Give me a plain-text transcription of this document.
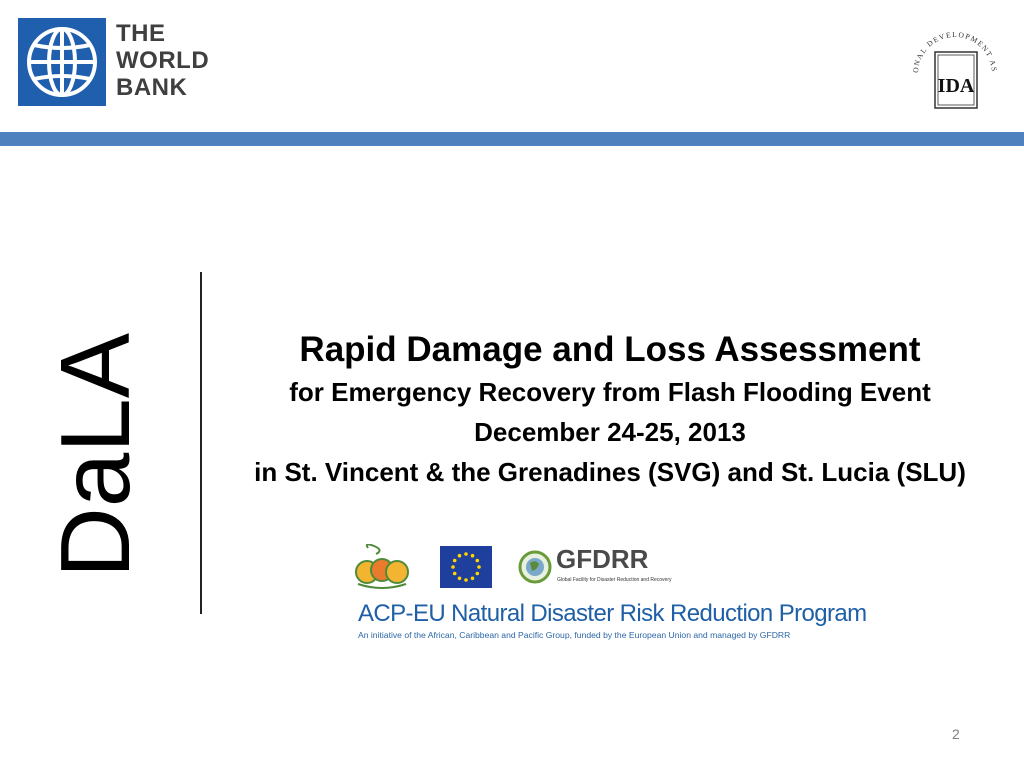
THE
WORLD
BANK
ONAL DEVELOPMENT AS
IDA
DaLA	Rapid Damage and Loss Assessment
for Emergency Recovery from Flash Flooding Event
December 24-25, 2013
in St. Vincent & the Grenadines (SVG) and St. Lucia (SLU)
GFDRR
Global Facility for Disaster Reduction and Recovery
ACP-EU Natural Disaster Risk Reduction Program
An initiative of the African, Caribbean and Pacific Group, funded by the European Union and managed by GFDRR
2
